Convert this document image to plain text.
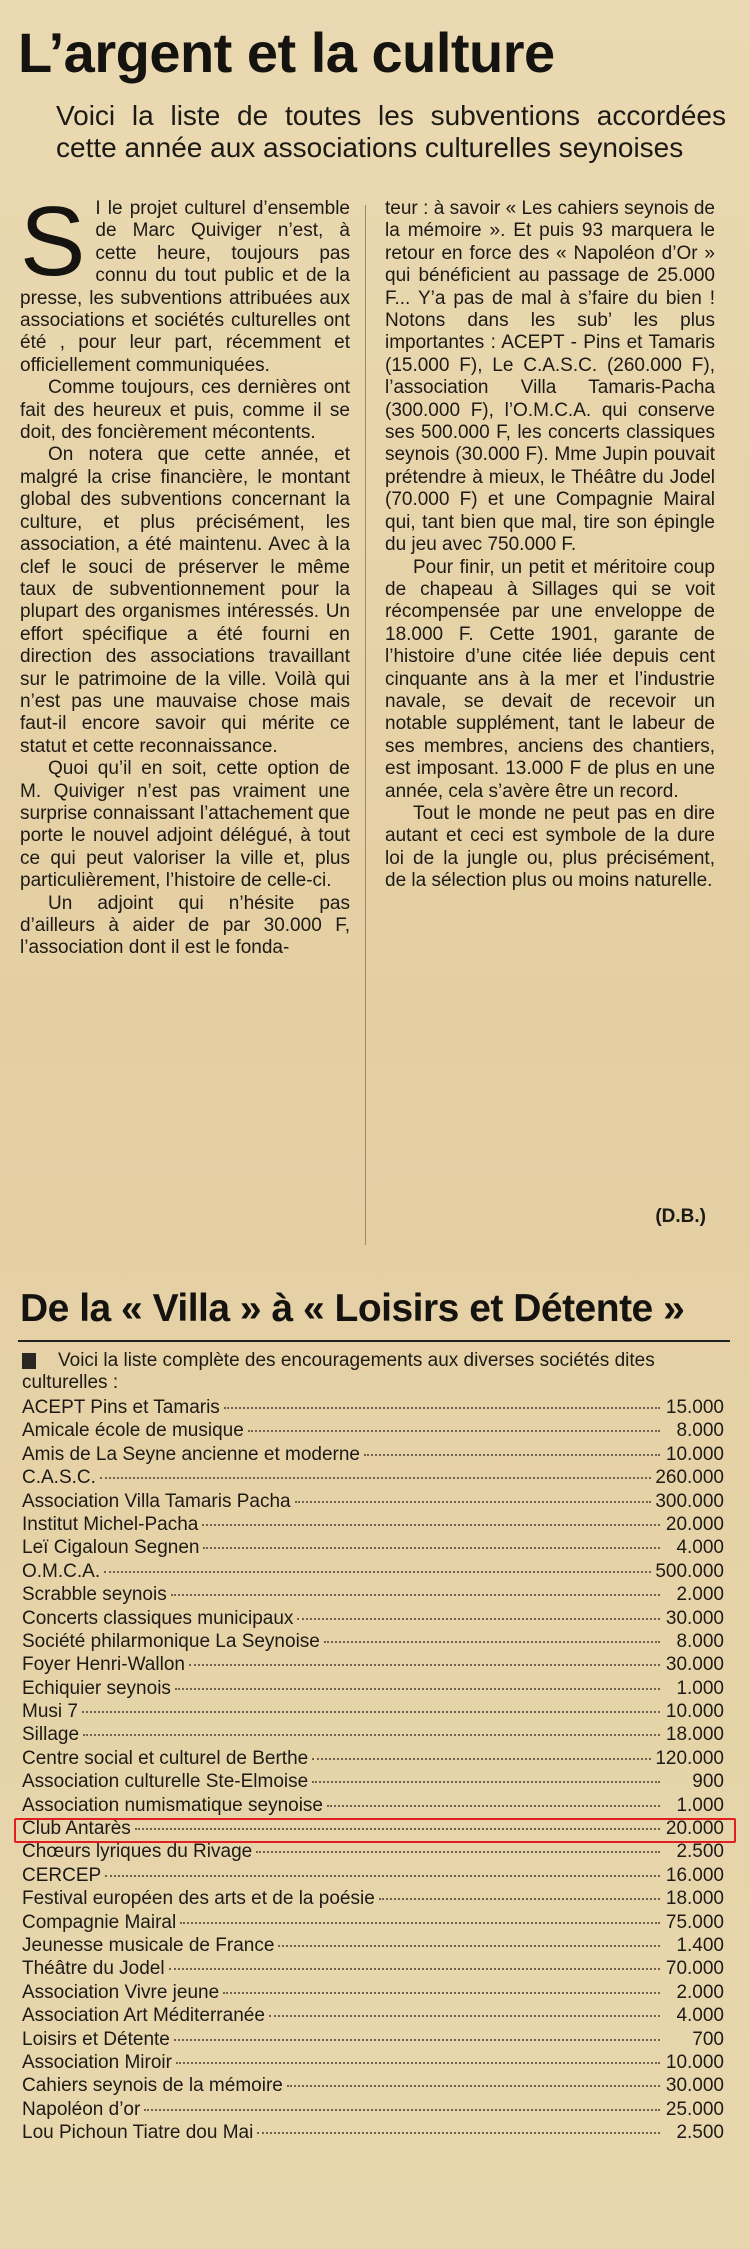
L’argent et la culture

Voici la liste de toutes les subventions accordées cette année aux associations culturelles seynoises

S I le projet culturel d’ensemble de Marc Quiviger n’est, à cette heure, toujours pas connu du tout public et de la presse, les subventions attribuées aux associations et sociétés culturelles ont été , pour leur part, récemment et officiellement communiquées.

Comme toujours, ces dernières ont fait des heureux et puis, comme il se doit, des foncièrement mécontents.

On notera que cette année, et malgré la crise financière, le montant global des subventions concernant la culture, et plus précisément, les association, a été maintenu. Avec à la clef le souci de préserver le même taux de subventionnement pour la plupart des organismes intéressés. Un effort spécifique a été fourni en direction des associations travaillant sur le patrimoine de la ville. Voilà qui n’est pas une mauvaise chose mais faut-il encore savoir qui mérite ce statut et cette reconnaissance.

Quoi qu’il en soit, cette option de M. Quiviger n’est pas vraiment une surprise connaissant l’attachement que porte le nouvel adjoint délégué, à tout ce qui peut valoriser la ville et, plus particulièrement, l’histoire de celle-ci.

Un adjoint qui n’hésite pas d’ailleurs à aider de par 30.000 F, l’association dont il est le fonda-

teur : à savoir « Les cahiers seynois de la mémoire ». Et puis 93 marquera le retour en force des « Napoléon d’Or » qui bénéficient au passage de 25.000 F... Y’a pas de mal à s’faire du bien ! Notons dans les sub’ les plus importantes : ACEPT - Pins et Tamaris (15.000 F), Le C.A.S.C. (260.000 F), l’association Villa Tamaris-Pacha (300.000 F), l’O.M.C.A. qui conserve ses 500.000 F, les concerts classiques seynois (30.000 F). Mme Jupin pouvait prétendre à mieux, le Théâtre du Jodel (70.000 F) et une Compagnie Mairal qui, tant bien que mal, tire son épingle du jeu avec 750.000 F.

Pour finir, un petit et méritoire coup de chapeau à Sillages qui se voit récompensée par une enveloppe de 18.000 F. Cette 1901, garante de l’histoire d’une citée liée depuis cent cinquante ans à la mer et l’industrie navale, se devait de recevoir un notable supplément, tant le labeur de ses membres, anciens des chantiers, est imposant. 13.000 F de plus en une année, cela s’avère être un record.

Tout le monde ne peut pas en dire autant et ceci est symbole de la dure loi de la jungle ou, plus précisément, de la sélection plus ou moins naturelle.

(D.B.)

De la « Villa » à « Loisirs et Détente »

Voici la liste complète des encouragements aux diverses sociétés dites culturelles :

ACEPT Pins et Tamaris	15.000
Amicale école de musique	8.000
Amis de La Seyne ancienne et moderne	10.000
C.A.S.C.	260.000
Association Villa Tamaris Pacha	300.000
Institut Michel-Pacha	20.000
Leï Cigaloun Segnen	4.000
O.M.C.A.	500.000
Scrabble seynois	2.000
Concerts classiques municipaux	30.000
Société philarmonique La Seynoise	8.000
Foyer Henri-Wallon	30.000
Echiquier seynois	1.000
Musi 7	10.000
Sillage	18.000
Centre social et culturel de Berthe	120.000
Association culturelle Ste-Elmoise	900
Association numismatique seynoise	1.000
Club Antarès	20.000
Chœurs lyriques du Rivage	2.500
CERCEP	16.000
Festival européen des arts et de la poésie	18.000
Compagnie Mairal	75.000
Jeunesse musicale de France	1.400
Théâtre du Jodel	70.000
Association Vivre jeune	2.000
Association Art Méditerranée	4.000
Loisirs et Détente	700
Association Miroir	10.000
Cahiers seynois de la mémoire	30.000
Napoléon d’or	25.000
Lou Pichoun Tiatre dou Mai	2.500
